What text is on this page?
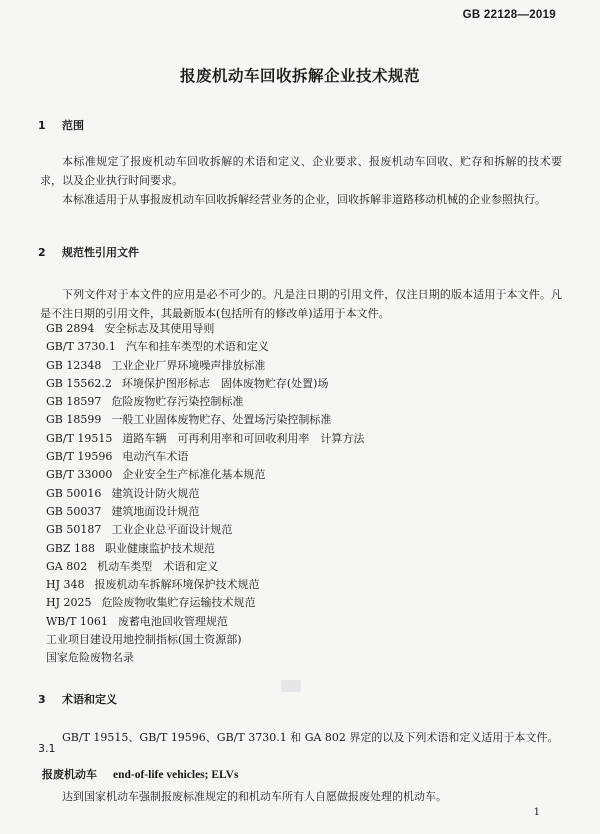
GB 22128—2019
报废机动车回收拆解企业技术规范
1 范围

本标准规定了报废机动车回收拆解的术语和定义、企业要求、报废机动车回收、贮存和拆解的技术要求，以及企业执行时间要求。

本标准适用于从事报废机动车回收拆解经营业务的企业，回收拆解非道路移动机械的企业参照执行。

2 规范性引用文件

下列文件对于本文件的应用是必不可少的。凡是注日期的引用文件，仅注日期的版本适用于本文件。凡是不注日期的引用文件，其最新版本(包括所有的修改单)适用于本文件。

GB 2894 安全标志及其使用导则
GB/T 3730.1 汽车和挂车类型的术语和定义
GB 12348 工业企业厂界环境噪声排放标准
GB 15562.2 环境保护图形标志　固体废物贮存(处置)场
GB 18597 危险废物贮存污染控制标准
GB 18599 一般工业固体废物贮存、处置场污染控制标准
GB/T 19515 道路车辆　可再利用率和可回收利用率　计算方法
GB/T 19596 电动汽车术语
GB/T 33000 企业安全生产标准化基本规范
GB 50016 建筑设计防火规范
GB 50037 建筑地面设计规范
GB 50187 工业企业总平面设计规范
GBZ 188 职业健康监护技术规范
GA 802 机动车类型　术语和定义
HJ 348 报废机动车拆解环境保护技术规范
HJ 2025 危险废物收集贮存运输技术规范
WB/T 1061 废蓄电池回收管理规范
工业项目建设用地控制指标(国土资源部)
国家危险废物名录
3 术语和定义

GB/T 19515、GB/T 19596、GB/T 3730.1 和 GA 802 界定的以及下列术语和定义适用于本文件。

3.1
报废机动车 end-of-life vehicles; ELVs
达到国家机动车强制报废标准规定的和机动车所有人自愿做报废处理的机动车。
1
